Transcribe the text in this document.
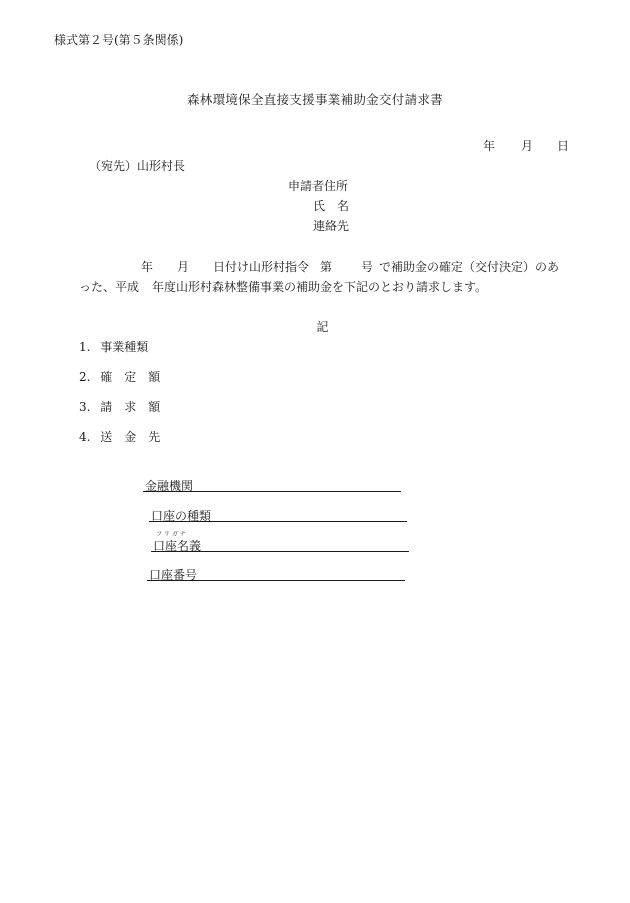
様式第２号(第５条関係)
森林環境保全直接支援事業補助金交付請求書
年 月 日
（宛先）山形村長
申請者住所
氏 名
連絡先
年 月 日付け山形村指令 第 号 で補助金の確定（交付決定）のあ
った、平成 年度山形村森林整備事業の補助金を下記のとおり請求します。
記
1. 事業種類
2. 確　定　額
3. 請　求　額
4. 送　金　先
金融機関
口座の種類
フ リ ガ ナ
口座名義
口座番号
